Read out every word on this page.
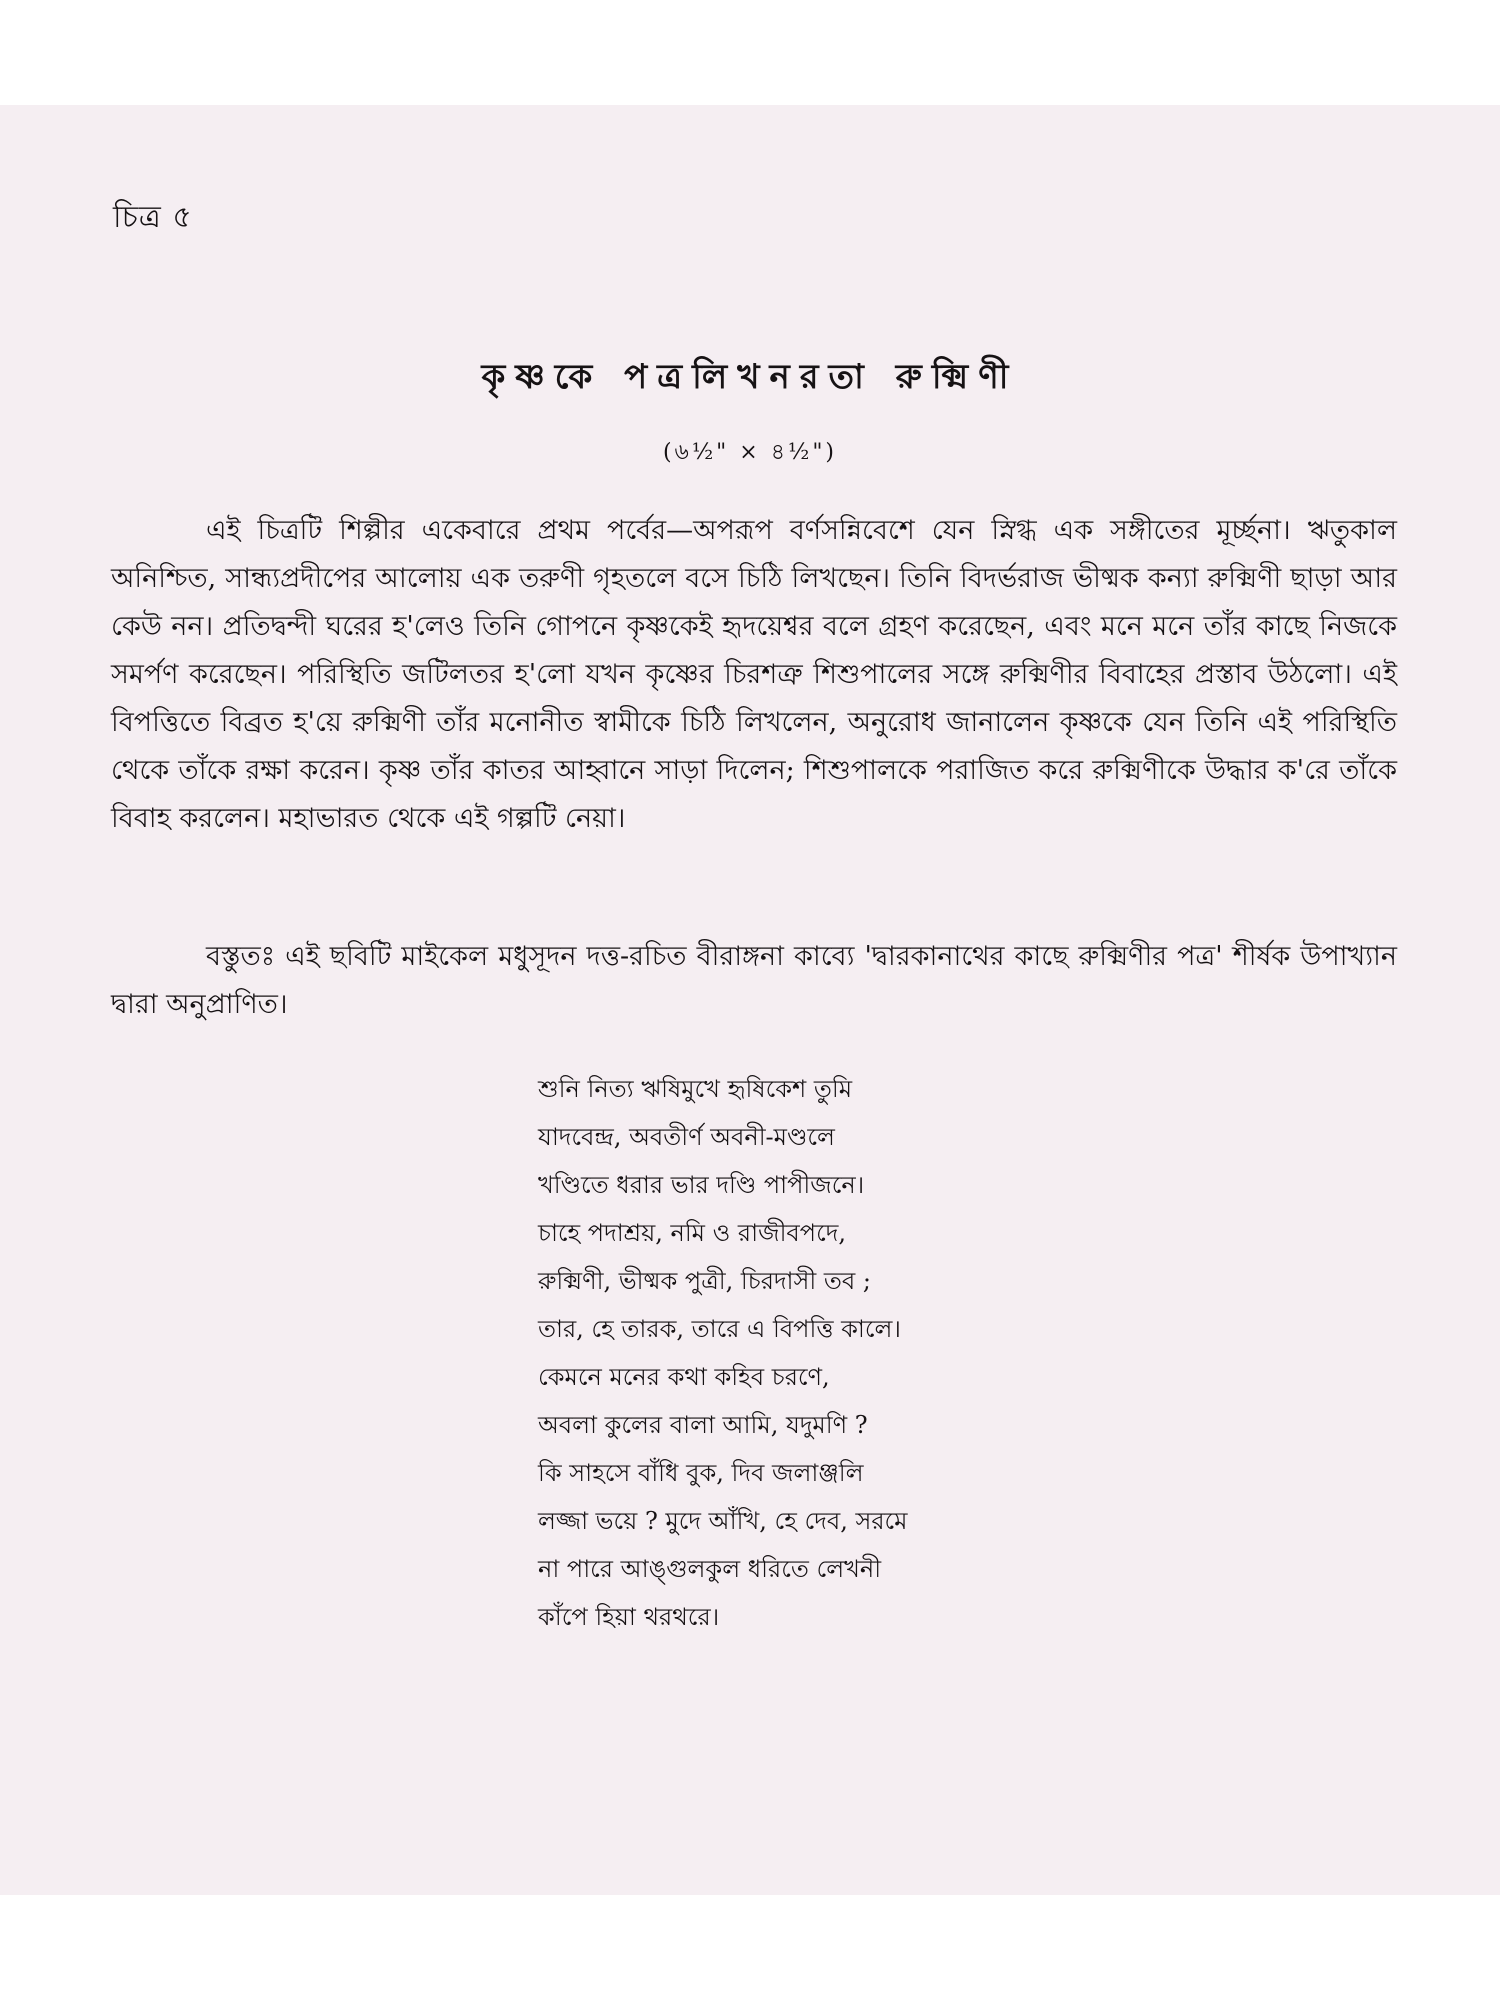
চিত্র ৫
কৃষ্ণকে পত্রলিখনরতা রুক্মিণী
(৬½" × ৪½")

এই চিত্রটি শিল্পীর একেবারে প্রথম পর্বের—অপরূপ বর্ণসন্নিবেশে যেন স্নিগ্ধ এক সঙ্গীতের মূর্চ্ছনা। ঋতুকাল অনিশ্চিত, সান্ধ্যপ্রদীপের আলোয় এক তরুণী গৃহতলে বসে চিঠি লিখছেন। তিনি বিদর্ভরাজ ভীষ্মক কন্যা রুক্মিণী ছাড়া আর কেউ নন। প্রতিদ্বন্দী ঘরের হ'লেও তিনি গোপনে কৃষ্ণকেই হৃদয়েশ্বর বলে গ্রহণ করেছেন, এবং মনে মনে তাঁর কাছে নিজকে সমর্পণ করেছেন। পরিস্থিতি জটিলতর হ'লো যখন কৃষ্ণের চিরশত্রু শিশুপালের সঙ্গে রুক্মিণীর বিবাহের প্রস্তাব উঠলো। এই বিপত্তিতে বিব্রত হ'য়ে রুক্মিণী তাঁর মনোনীত স্বামীকে চিঠি লিখলেন, অনুরোধ জানালেন কৃষ্ণকে যেন তিনি এই পরিস্থিতি থেকে তাঁকে রক্ষা করেন। কৃষ্ণ তাঁর কাতর আহ্বানে সাড়া দিলেন; শিশুপালকে পরাজিত করে রুক্মিণীকে উদ্ধার ক'রে তাঁকে বিবাহ করলেন। মহাভারত থেকে এই গল্পটি নেয়া।

বস্তুতঃ এই ছবিটি মাইকেল মধুসূদন দত্ত-রচিত বীরাঙ্গনা কাব্যে 'দ্বারকানাথের কাছে রুক্মিণীর পত্র' শীর্ষক উপাখ্যান দ্বারা অনুপ্রাণিত।

শুনি নিত্য ঋষিমুখে হৃষিকেশ তুমি
যাদবেন্দ্র, অবতীর্ণ অবনী-মণ্ডলে
খণ্ডিতে ধরার ভার দণ্ডি পাপীজনে।
চাহে পদাশ্রয়, নমি ও রাজীবপদে,
রুক্মিণী, ভীষ্মক পুত্রী, চিরদাসী তব ;
তার, হে তারক, তারে এ বিপত্তি কালে।
কেমনে মনের কথা কহিব চরণে,
অবলা কুলের বালা আমি, যদুমণি ?
কি সাহসে বাঁধি বুক, দিব জলাঞ্জলি
লজ্জা ভয়ে ? মুদে আঁখি, হে দেব, সরমে
না পারে আঙ্গুলকুল ধরিতে লেখনী
কাঁপে হিয়া থরথরে।
